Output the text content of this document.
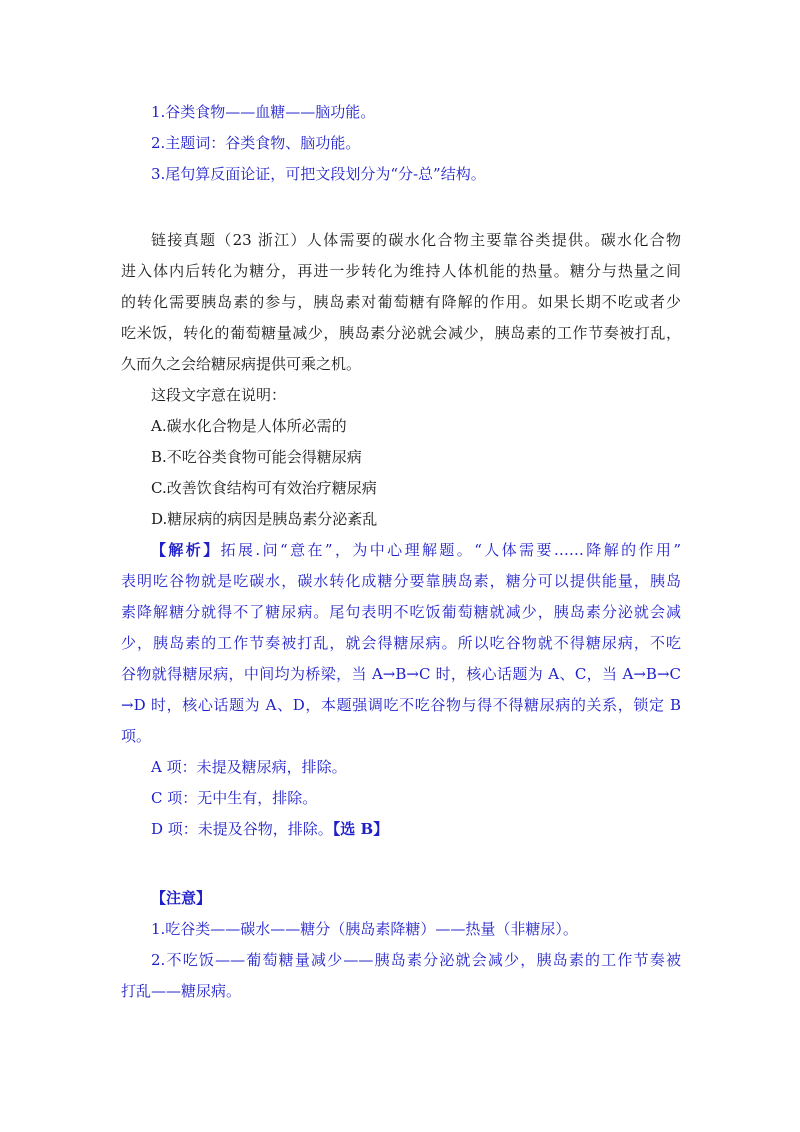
1.谷类食物——血糖——脑功能。
2.主题词：谷类食物、脑功能。
3.尾句算反面论证，可把文段划分为“分-总”结构。
链接真题（23 浙江）人体需要的碳水化合物主要靠谷类提供。碳水化合物
进入体内后转化为糖分，再进一步转化为维持人体机能的热量。糖分与热量之间
的转化需要胰岛素的参与，胰岛素对葡萄糖有降解的作用。如果长期不吃或者少
吃米饭，转化的葡萄糖量减少，胰岛素分泌就会减少，胰岛素的工作节奏被打乱，
久而久之会给糖尿病提供可乘之机。
这段文字意在说明：
A.碳水化合物是人体所必需的
B.不吃谷类食物可能会得糖尿病
C.改善饮食结构可有效治疗糖尿病
D.糖尿病的病因是胰岛素分泌紊乱
【解析】拓展.问“意在”，为中心理解题。“人体需要……降解的作用”
表明吃谷物就是吃碳水，碳水转化成糖分要靠胰岛素，糖分可以提供能量，胰岛
素降解糖分就得不了糖尿病。尾句表明不吃饭葡萄糖就减少，胰岛素分泌就会减
少，胰岛素的工作节奏被打乱，就会得糖尿病。所以吃谷物就不得糖尿病，不吃
谷物就得糖尿病，中间均为桥梁，当 A→B→C 时，核心话题为 A、C，当 A→B→C
→D 时，核心话题为 A、D，本题强调吃不吃谷物与得不得糖尿病的关系，锁定 B
项。
A 项：未提及糖尿病，排除。
C 项：无中生有，排除。
D 项：未提及谷物，排除。【选 B】
【注意】
1.吃谷类——碳水——糖分（胰岛素降糖）——热量（非糖尿）。
2.不吃饭——葡萄糖量减少——胰岛素分泌就会减少，胰岛素的工作节奏被
打乱——糖尿病。
